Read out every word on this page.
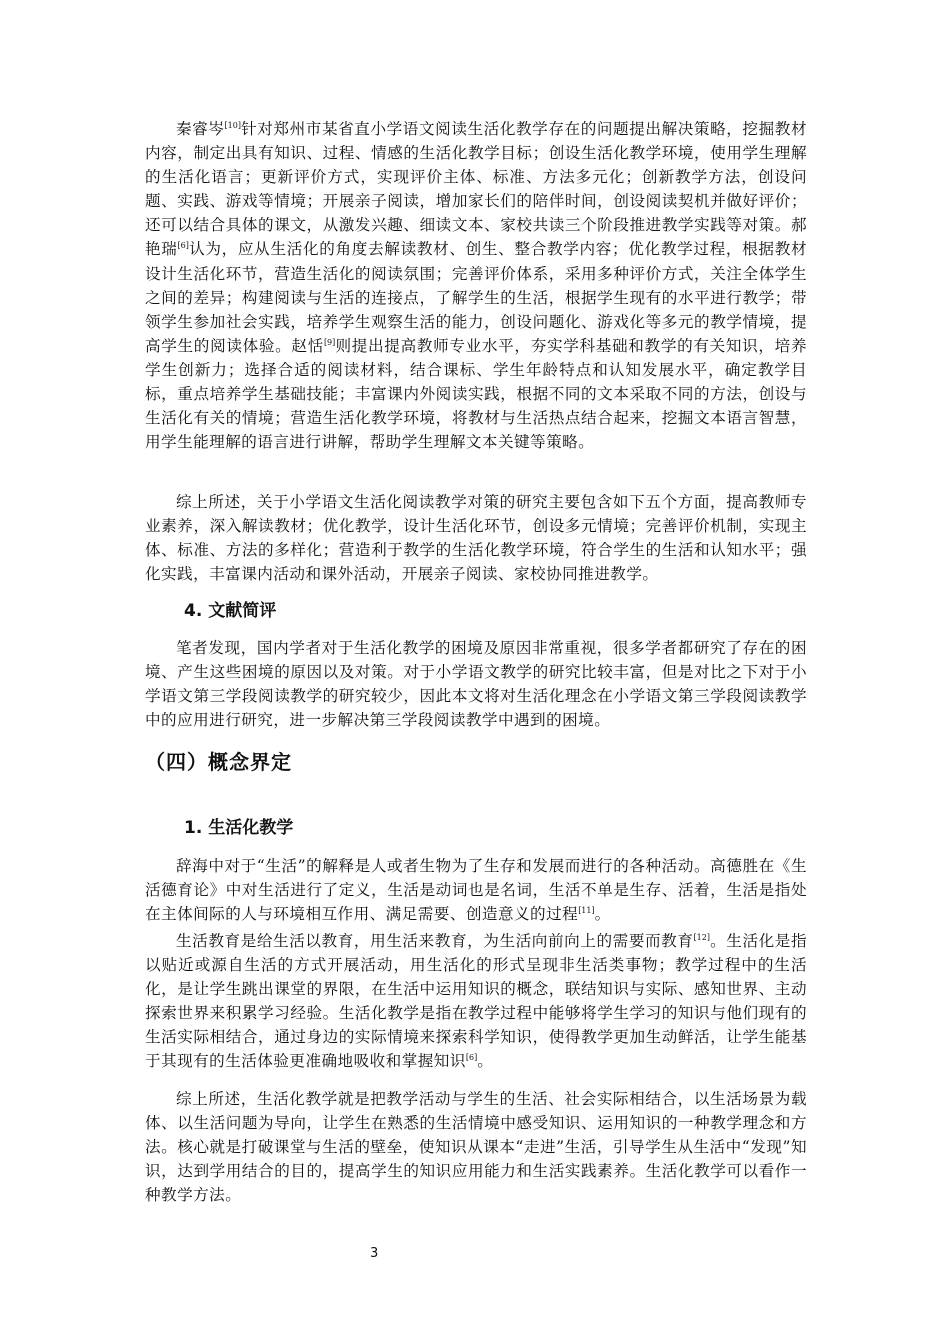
秦睿岑[10]针对郑州市某省直小学语文阅读生活化教学存在的问题提出解决策略，挖掘教材内容，制定出具有知识、过程、情感的生活化教学目标；创设生活化教学环境，使用学生理解的生活化语言；更新评价方式，实现评价主体、标准、方法多元化；创新教学方法，创设问题、实践、游戏等情境；开展亲子阅读，增加家长们的陪伴时间，创设阅读契机并做好评价；还可以结合具体的课文，从激发兴趣、细读文本、家校共读三个阶段推进教学实践等对策。郝艳瑞[6]认为，应从生活化的角度去解读教材、创生、整合教学内容；优化教学过程，根据教材设计生活化环节，营造生活化的阅读氛围；完善评价体系，采用多种评价方式，关注全体学生之间的差异；构建阅读与生活的连接点，了解学生的生活，根据学生现有的水平进行教学；带领学生参加社会实践，培养学生观察生活的能力，创设问题化、游戏化等多元的教学情境，提高学生的阅读体验。赵恬[9]则提出提高教师专业水平，夯实学科基础和教学的有关知识，培养学生创新力；选择合适的阅读材料，结合课标、学生年龄特点和认知发展水平，确定教学目标，重点培养学生基础技能；丰富课内外阅读实践，根据不同的文本采取不同的方法，创设与生活化有关的情境；营造生活化教学环境，将教材与生活热点结合起来，挖掘文本语言智慧，用学生能理解的语言进行讲解，帮助学生理解文本关键等策略。

综上所述，关于小学语文生活化阅读教学对策的研究主要包含如下五个方面，提高教师专业素养，深入解读教材；优化教学，设计生活化环节，创设多元情境；完善评价机制，实现主体、标准、方法的多样化；营造利于教学的生活化教学环境，符合学生的生活和认知水平；强化实践，丰富课内活动和课外活动，开展亲子阅读、家校协同推进教学。

4. 文献简评

笔者发现，国内学者对于生活化教学的困境及原因非常重视，很多学者都研究了存在的困境、产生这些困境的原因以及对策。对于小学语文教学的研究比较丰富，但是对比之下对于小学语文第三学段阅读教学的研究较少，因此本文将对生活化理念在小学语文第三学段阅读教学中的应用进行研究，进一步解决第三学段阅读教学中遇到的困境。

（四）概念界定
1. 生活化教学

辞海中对于“生活”的解释是人或者生物为了生存和发展而进行的各种活动。高德胜在《生活德育论》中对生活进行了定义，生活是动词也是名词，生活不单是生存、活着，生活是指处在主体间际的人与环境相互作用、满足需要、创造意义的过程[11]。

生活教育是给生活以教育，用生活来教育，为生活向前向上的需要而教育[12]。生活化是指以贴近或源自生活的方式开展活动，用生活化的形式呈现非生活类事物；教学过程中的生活化，是让学生跳出课堂的界限，在生活中运用知识的概念，联结知识与实际、感知世界、主动探索世界来积累学习经验。生活化教学是指在教学过程中能够将学生学习的知识与他们现有的生活实际相结合，通过身边的实际情境来探索科学知识，使得教学更加生动鲜活，让学生能基于其现有的生活体验更准确地吸收和掌握知识[6]。

综上所述，生活化教学就是把教学活动与学生的生活、社会实际相结合，以生活场景为载体、以生活问题为导向，让学生在熟悉的生活情境中感受知识、运用知识的一种教学理念和方法。核心就是打破课堂与生活的壁垒，使知识从课本“走进”生活，引导学生从生活中“发现”知识，达到学用结合的目的，提高学生的知识应用能力和生活实践素养。生活化教学可以看作一种教学方法。

3
